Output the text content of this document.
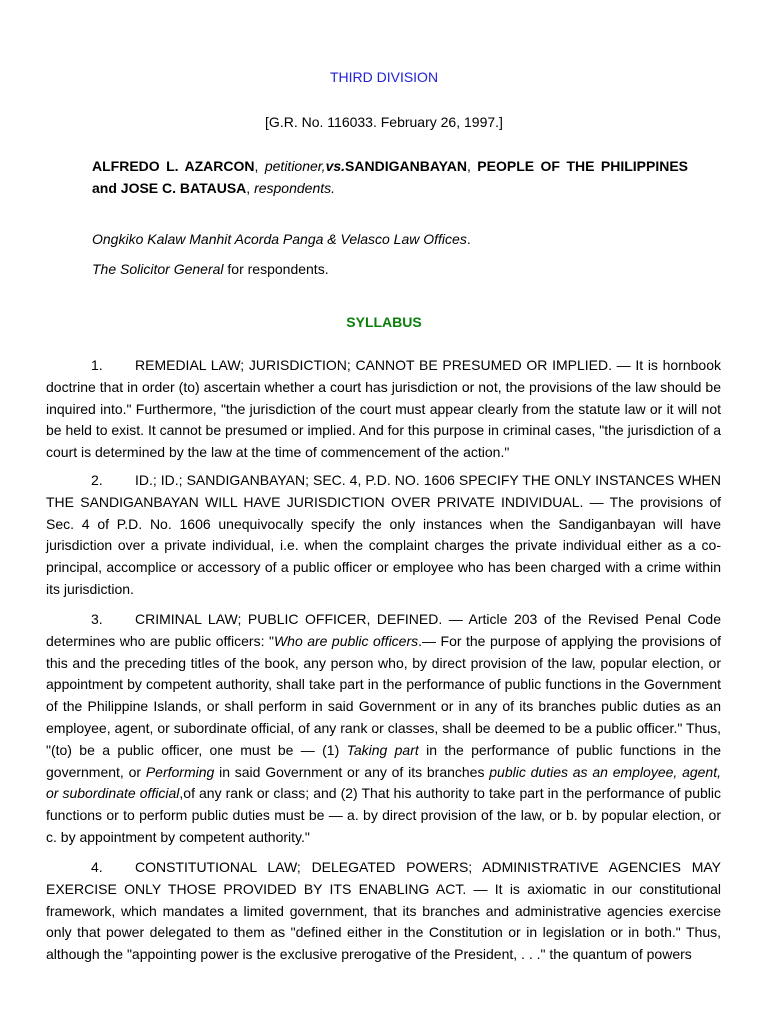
THIRD DIVISION
[G.R. No. 116033. February 26, 1997.]
ALFREDO L. AZARCON, petitioner,vs.SANDIGANBAYAN, PEOPLE OF THE PHILIPPINES and JOSE C. BATAUSA, respondents.
Ongkiko Kalaw Manhit Acorda Panga & Velasco Law Offices.
The Solicitor General for respondents.
SYLLABUS
1. REMEDIAL LAW; JURISDICTION; CANNOT BE PRESUMED OR IMPLIED. — It is hornbook doctrine that in order (to) ascertain whether a court has jurisdiction or not, the provisions of the law should be inquired into." Furthermore, "the jurisdiction of the court must appear clearly from the statute law or it will not be held to exist. It cannot be presumed or implied. And for this purpose in criminal cases, "the jurisdiction of a court is determined by the law at the time of commencement of the action."
2. ID.; ID.; SANDIGANBAYAN; SEC. 4, P.D. NO. 1606 SPECIFY THE ONLY INSTANCES WHEN THE SANDIGANBAYAN WILL HAVE JURISDICTION OVER PRIVATE INDIVIDUAL. — The provisions of Sec. 4 of P.D. No. 1606 unequivocally specify the only instances when the Sandiganbayan will have jurisdiction over a private individual, i.e. when the complaint charges the private individual either as a co-principal, accomplice or accessory of a public officer or employee who has been charged with a crime within its jurisdiction.
3. CRIMINAL LAW; PUBLIC OFFICER, DEFINED. — Article 203 of the Revised Penal Code determines who are public officers: "Who are public officers.— For the purpose of applying the provisions of this and the preceding titles of the book, any person who, by direct provision of the law, popular election, or appointment by competent authority, shall take part in the performance of public functions in the Government of the Philippine Islands, or shall perform in said Government or in any of its branches public duties as an employee, agent, or subordinate official, of any rank or classes, shall be deemed to be a public officer." Thus, "(to) be a public officer, one must be — (1) Taking part in the performance of public functions in the government, or Performing in said Government or any of its branches public duties as an employee, agent, or subordinate official,of any rank or class; and (2) That his authority to take part in the performance of public functions or to perform public duties must be — a. by direct provision of the law, or b. by popular election, or c. by appointment by competent authority."
4. CONSTITUTIONAL LAW; DELEGATED POWERS; ADMINISTRATIVE AGENCIES MAY EXERCISE ONLY THOSE PROVIDED BY ITS ENABLING ACT. — It is axiomatic in our constitutional framework, which mandates a limited government, that its branches and administrative agencies exercise only that power delegated to them as "defined either in the Constitution or in legislation or in both." Thus, although the "appointing power is the exclusive prerogative of the President, . . ." the quantum of powers
